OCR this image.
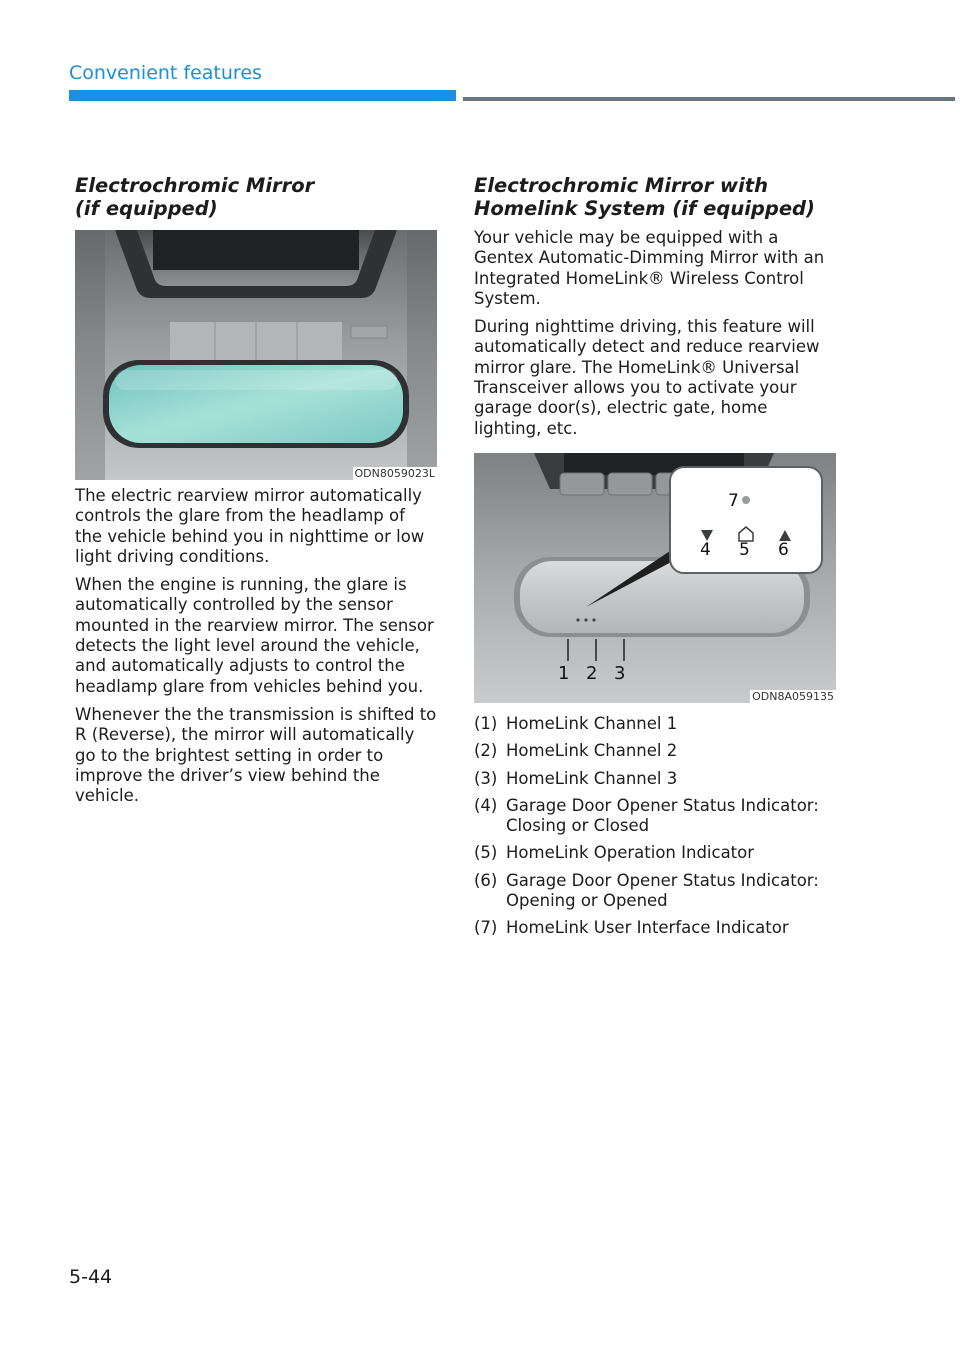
Convenient features
Electrochromic Mirror
(if equipped)
ODN8059023L

The electric rearview mirror automatically controls the glare from the headlamp of the vehicle behind you in nighttime or low light driving conditions.

When the engine is running, the glare is automatically controlled by the sensor mounted in the rearview mirror. The sensor detects the light level around the vehicle, and automatically adjusts to control the headlamp glare from vehicles behind you.

Whenever the the transmission is shifted to R (Reverse), the mirror will automatically go to the brightest setting in order to improve the driver’s view behind the vehicle.

Electrochromic Mirror with
Homelink System (if equipped)

Your vehicle may be equipped with a Gentex Automatic-Dimming Mirror with an Integrated HomeLink® Wireless Control System.

During nighttime driving, this feature will automatically detect and reduce rearview mirror glare. The HomeLink® Universal Transceiver allows you to activate your garage door(s), electric gate, home lighting, etc.

1 2 3
4 5 6
7
ODN8A059135
(1) HomeLink Channel 1
(2) HomeLink Channel 2
(3) HomeLink Channel 3
(4) Garage Door Opener Status Indicator: Closing or Closed
(5) HomeLink Operation Indicator
(6) Garage Door Opener Status Indicator: Opening or Opened
(7) HomeLink User Interface Indicator
5-44
